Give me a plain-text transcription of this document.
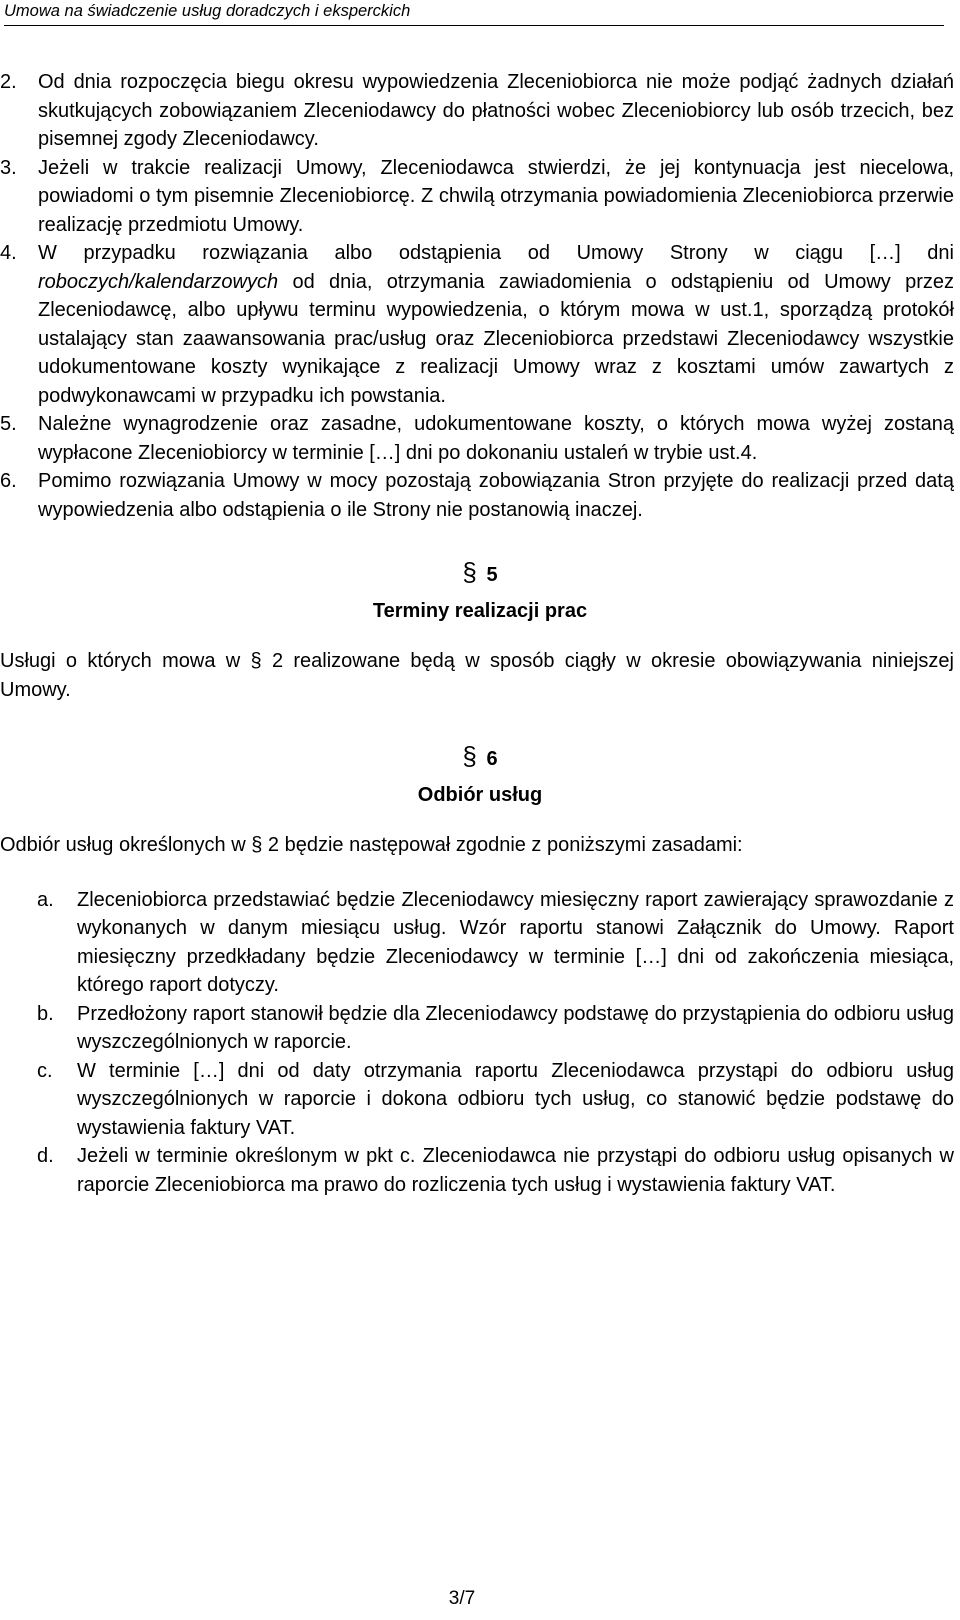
Umowa na świadczenie usług doradczych i eksperckich
2. Od dnia rozpoczęcia biegu okresu wypowiedzenia Zleceniobiorca nie może podjąć żadnych działań skutkujących zobowiązaniem Zleceniodawcy do płatności wobec Zleceniobiorcy lub osób trzecich, bez pisemnej zgody Zleceniodawcy.
3. Jeżeli w trakcie realizacji Umowy, Zleceniodawca stwierdzi, że jej kontynuacja jest niecelowa, powiadomi o tym pisemnie Zleceniobiorcę. Z chwilą otrzymania powiadomienia Zleceniobiorca przerwie realizację przedmiotu Umowy.
4. W przypadku rozwiązania albo odstąpienia od Umowy Strony w ciągu […] dni roboczych/kalendarzowych od dnia, otrzymania zawiadomienia o odstąpieniu od Umowy przez Zleceniodawcę, albo upływu terminu wypowiedzenia, o którym mowa w ust.1, sporządzą protokół ustalający stan zaawansowania prac/usług oraz Zleceniobiorca przedstawi Zleceniodawcy wszystkie udokumentowane koszty wynikające z realizacji Umowy wraz z kosztami umów zawartych z podwykonawcami w przypadku ich powstania.
5. Należne wynagrodzenie oraz zasadne, udokumentowane koszty, o których mowa wyżej zostaną wypłacone Zleceniobiorcy w terminie […] dni po dokonaniu ustaleń w trybie ust.4.
6. Pomimo rozwiązania Umowy w mocy pozostają zobowiązania Stron przyjęte do realizacji przed datą wypowiedzenia albo odstąpienia o ile Strony nie postanowią inaczej.
§ 5
Terminy realizacji prac
Usługi o których mowa w § 2 realizowane będą w sposób ciągły w okresie obowiązywania niniejszej Umowy.
§ 6
Odbiór usług
Odbiór usług określonych w § 2 będzie następował zgodnie z poniższymi zasadami:
a. Zleceniobiorca przedstawiać będzie Zleceniodawcy miesięczny raport zawierający sprawozdanie z wykonanych w danym miesiącu usług. Wzór raportu stanowi Załącznik do Umowy. Raport miesięczny przedkładany będzie Zleceniodawcy w terminie […] dni od zakończenia miesiąca, którego raport dotyczy.
b. Przedłożony raport stanowił będzie dla Zleceniodawcy podstawę do przystąpienia do odbioru usług wyszczególnionych w raporcie.
c. W terminie […] dni od daty otrzymania raportu Zleceniodawca przystąpi do odbioru usług wyszczególnionych w raporcie i dokona odbioru tych usług, co stanowić będzie podstawę do wystawienia faktury VAT.
d. Jeżeli w terminie określonym w pkt c. Zleceniodawca nie przystąpi do odbioru usług opisanych w raporcie Zleceniobiorca ma prawo do rozliczenia tych usług i wystawienia faktury VAT.
3/7
